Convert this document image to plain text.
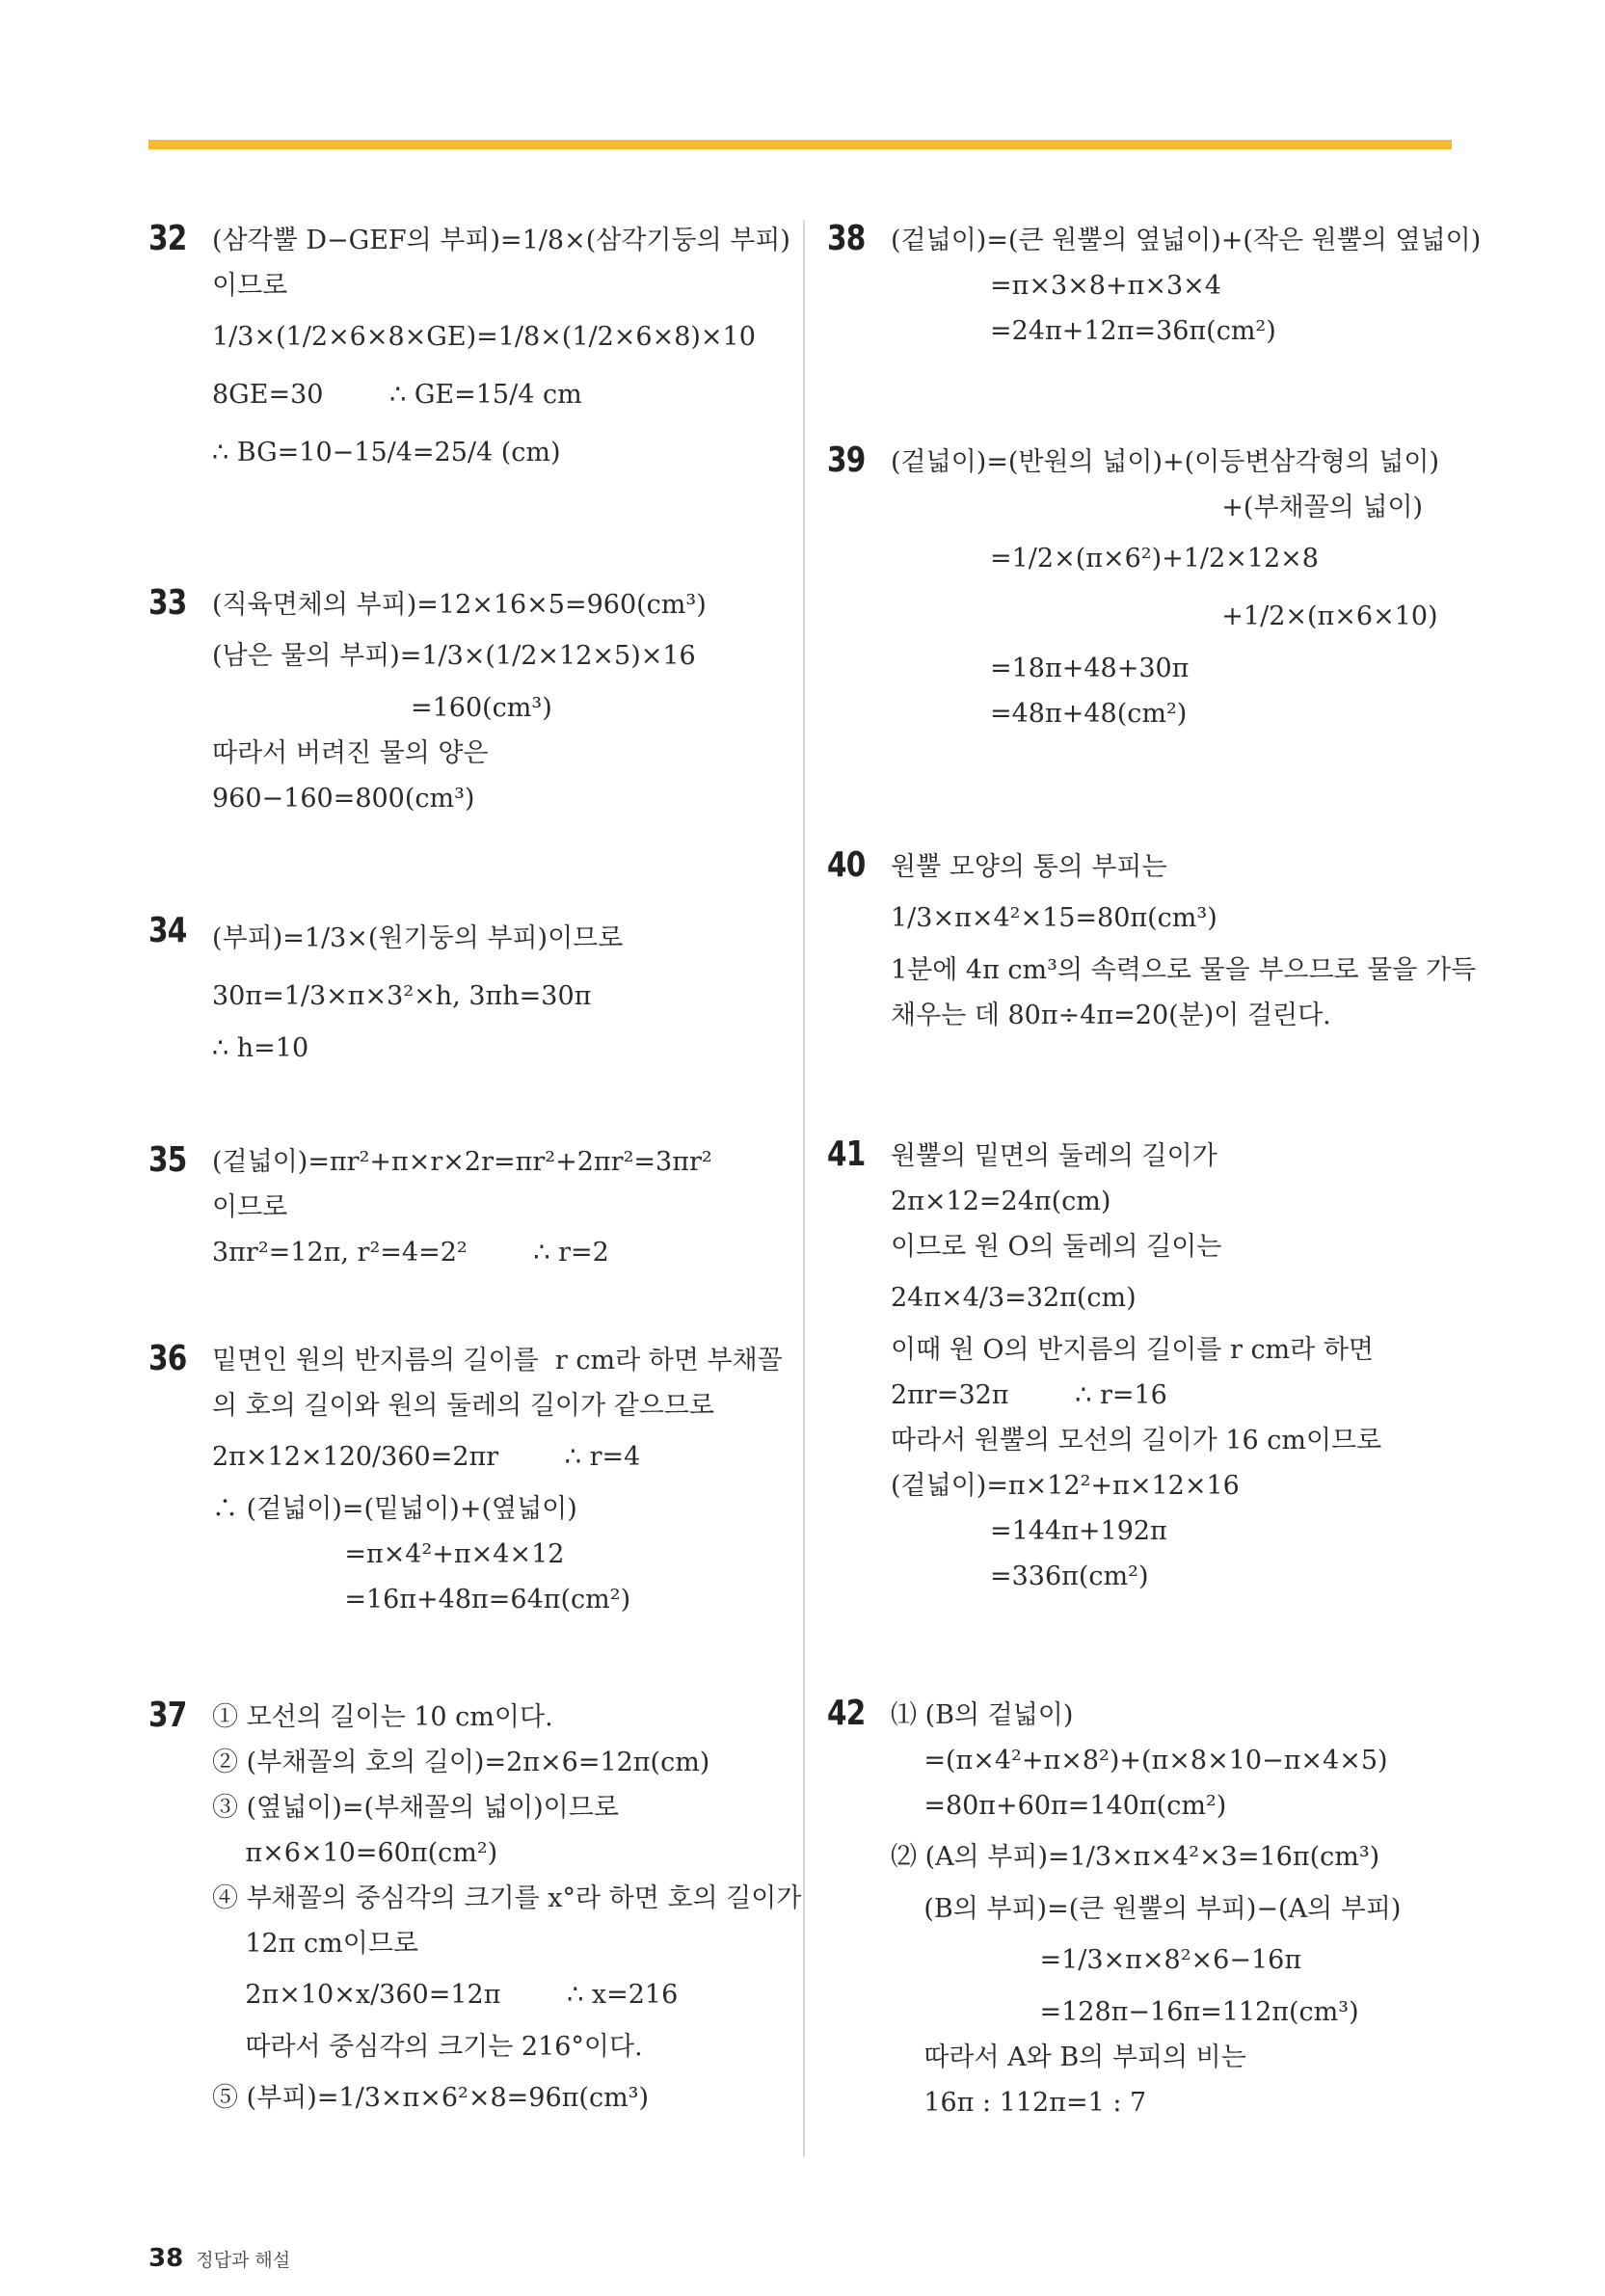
32 (삼각뿔 D−GEF의 부피)=1/8×(삼각기둥의 부피)
이므로
1/3×(1/2×6×8×GE)=1/8×(1/2×6×8)×10
8GE=30        ∴ GE=15/4 cm
∴ BG=10−15/4=25/4 (cm)
33 (직육면체의 부피)=12×16×5=960(cm³)
(남은 물의 부피)=1/3×(1/2×12×5)×16
=160(cm³)
따라서 버려진 물의 양은
960−160=800(cm³)
34 (부피)=1/3×(원기둥의 부피)이므로
30π=1/3×π×3²×h, 3πh=30π
∴ h=10
35 (겉넓이)=πr²+π×r×2r=πr²+2πr²=3πr²
이므로
3πr²=12π, r²=4=2²        ∴ r=2
36 밑면인 원의 반지름의 길이를  r cm라 하면 부채꼴
의 호의 길이와 원의 둘레의 길이가 같으므로
2π×12×120/360=2πr        ∴ r=4
∴ (겉넓이)=(밑넓이)+(옆넓이)
=π×4²+π×4×12
=16π+48π=64π(cm²)
37 ① 모선의 길이는 10 cm이다.
② (부채꼴의 호의 길이)=2π×6=12π(cm)
③ (옆넓이)=(부채꼴의 넓이)이므로
π×6×10=60π(cm²)
④ 부채꼴의 중심각의 크기를 x°라 하면 호의 길이가
12π cm이므로
2π×10×x/360=12π        ∴ x=216
따라서 중심각의 크기는 216°이다.
⑤ (부피)=1/3×π×6²×8=96π(cm³)
38 (겉넓이)=(큰 원뿔의 옆넓이)+(작은 원뿔의 옆넓이)
=π×3×8+π×3×4
=24π+12π=36π(cm²)
39 (겉넓이)=(반원의 넓이)+(이등변삼각형의 넓이)
+(부채꼴의 넓이)
=1/2×(π×6²)+1/2×12×8
+1/2×(π×6×10)
=18π+48+30π
=48π+48(cm²)
40 원뿔 모양의 통의 부피는
1/3×π×4²×15=80π(cm³)
1분에 4π cm³의 속력으로 물을 부으므로 물을 가득
채우는 데 80π÷4π=20(분)이 걸린다.
41 원뿔의 밑면의 둘레의 길이가
2π×12=24π(cm)
이므로 원 O의 둘레의 길이는
24π×4/3=32π(cm)
이때 원 O의 반지름의 길이를 r cm라 하면
2πr=32π        ∴ r=16
따라서 원뿔의 모선의 길이가 16 cm이므로
(겉넓이)=π×12²+π×12×16
=144π+192π
=336π(cm²)
42 ⑴ (B의 겉넓이)
=(π×4²+π×8²)+(π×8×10−π×4×5)
=80π+60π=140π(cm²)
⑵ (A의 부피)=1/3×π×4²×3=16π(cm³)
(B의 부피)=(큰 원뿔의 부피)−(A의 부피)
=1/3×π×8²×6−16π
=128π−16π=112π(cm³)
따라서 A와 B의 부피의 비는
16π : 112π=1 : 7
38 정답과 해설
